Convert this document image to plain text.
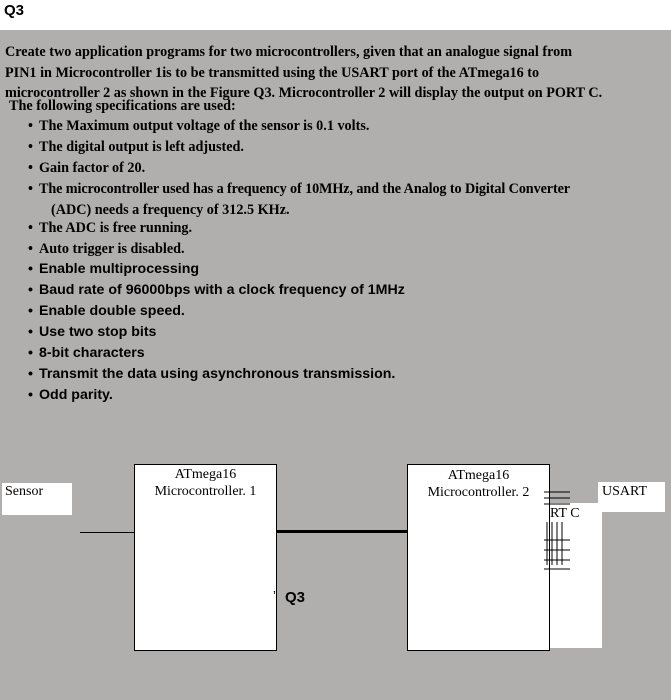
Q3
Create two application programs for two microcontrollers, given that an analogue signal from
PIN1 in Microcontroller 1is to be transmitted using the USART port of the ATmega16 to
microcontroller 2 as shown in the Figure Q3. Microcontroller 2 will display the output on PORT C.
The following specifications are used:
• The Maximum output voltage of the sensor is 0.1 volts.
• The digital output is left adjusted.
• Gain factor of 20.
• The microcontroller used has a frequency of 10MHz, and the Analog to Digital Converter
(ADC) needs a frequency of 312.5 KHz.
• The ADC is free running.
• Auto trigger is disabled.
• Enable multiprocessing
• Baud rate of 96000bps with a clock frequency of 1MHz
• Enable double speed.
• Use two stop bits
• 8-bit characters
• Transmit the data using asynchronous transmission.
• Odd parity.
Sensor
ATmega16
Microcontroller. 1
ATmega16
Microcontroller. 2	USART
RT C
’ Q3
